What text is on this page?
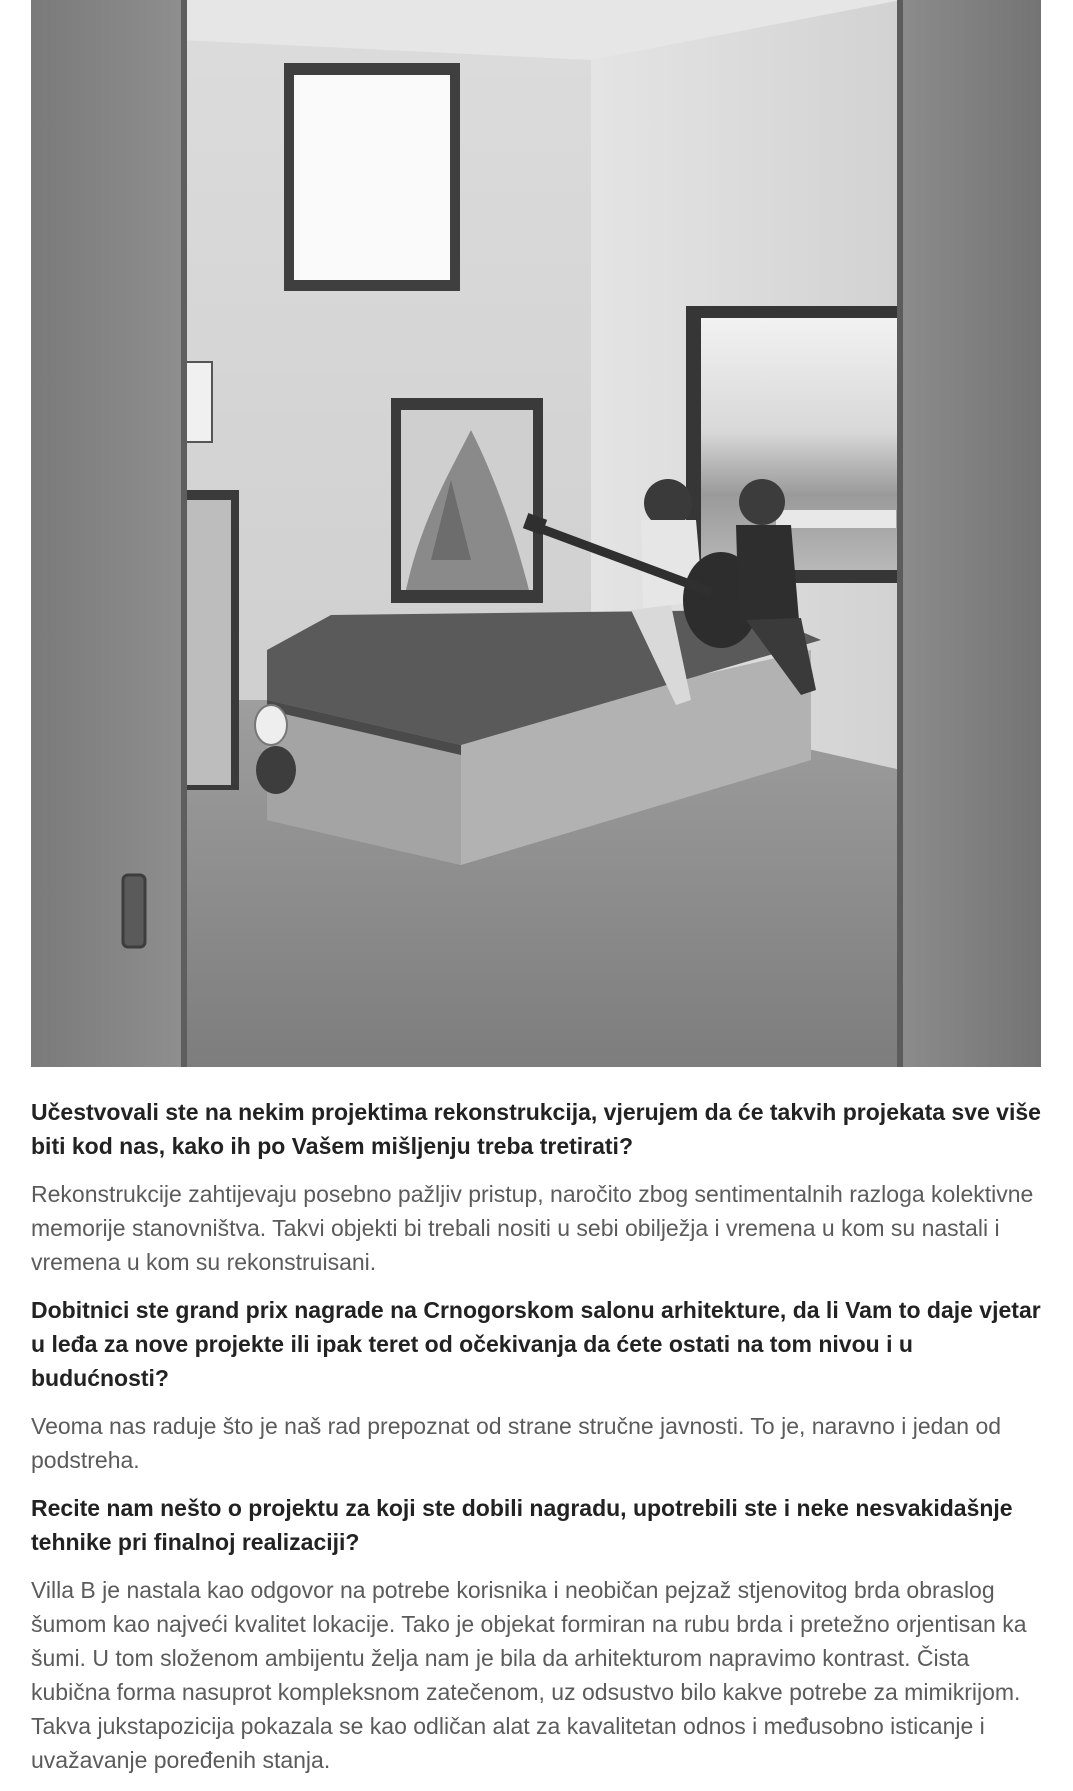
Učestvovali ste na nekim projektima rekonstrukcija, vjerujem da će takvih projekata sve više biti kod nas, kako ih po Vašem mišljenju treba tretirati?

Rekonstrukcije zahtijevaju posebno pažljiv pristup, naročito zbog sentimentalnih razloga kolektivne memorije stanovništva. Takvi objekti bi trebali nositi u sebi obilježja i vremena u kom su nastali i vremena u kom su rekonstruisani.

Dobitnici ste grand prix nagrade na Crnogorskom salonu arhitekture, da li Vam to daje vjetar u leđa za nove projekte ili ipak teret od očekivanja da ćete ostati na tom nivou i u budućnosti?

Veoma nas raduje što je naš rad prepoznat od strane stručne javnosti. To je, naravno i jedan od podstreha.

Recite nam nešto o projektu za koji ste dobili nagradu, upotrebili ste i neke nesvakidašnje tehnike pri finalnoj realizaciji?

Villa B je nastala kao odgovor na potrebe korisnika i neobičan pejzaž stjenovitog brda obraslog šumom kao najveći kvalitet lokacije. Tako je objekat formiran na rubu brda i pretežno orjentisan ka šumi. U tom složenom ambijentu želja nam je bila da arhitekturom napravimo kontrast. Čista kubična forma nasuprot kompleksnom zatečenom, uz odsustvo bilo kakve potrebe za mimikrijom. Takva jukstapozicija pokazala se kao odličan alat za kavalitetan odnos i međusobno isticanje i uvažavanje poređenih stanja.
